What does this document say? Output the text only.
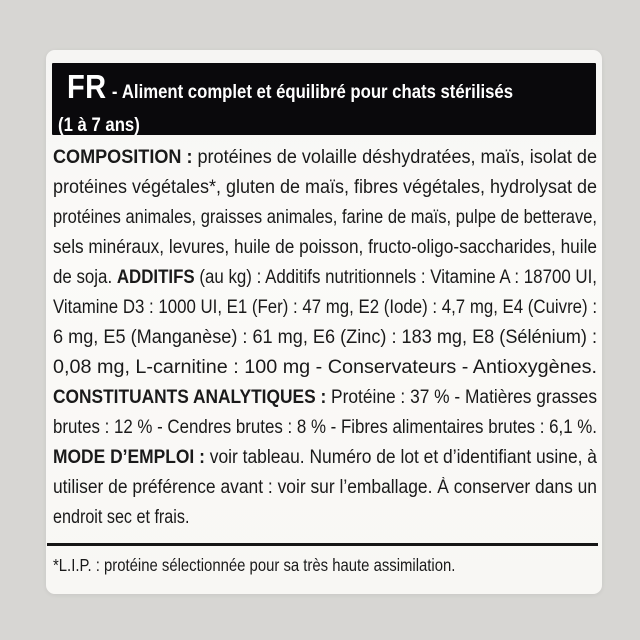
FR - Aliment complet et équilibré pour chats stérilisés
(1 à 7 ans)
COMPOSITION : protéines de volaille déshydratées, maïs, isolat de
protéines végétales*, gluten de maïs, fibres végétales, hydrolysat de
protéines animales, graisses animales, farine de maïs, pulpe de betterave,
sels minéraux, levures, huile de poisson, fructo-oligo-saccharides, huile
de soja. ADDITIFS (au kg) : Additifs nutritionnels : Vitamine A : 18700 UI,
Vitamine D3 : 1000 UI, E1 (Fer) : 47 mg, E2 (Iode) : 4,7 mg, E4 (Cuivre) :
6 mg, E5 (Manganèse) : 61 mg, E6 (Zinc) : 183 mg, E8 (Sélénium) :
0,08 mg, L-carnitine : 100 mg - Conservateurs - Antioxygènes.
CONSTITUANTS ANALYTIQUES : Protéine : 37 % - Matières grasses
brutes : 12 % - Cendres brutes : 8 % - Fibres alimentaires brutes : 6,1 %.
MODE D’EMPLOI : voir tableau. Numéro de lot et d’identifiant usine, à
utiliser de préférence avant : voir sur l’emballage. À conserver dans un
endroit sec et frais.
*L.I.P. : protéine sélectionnée pour sa très haute assimilation.
